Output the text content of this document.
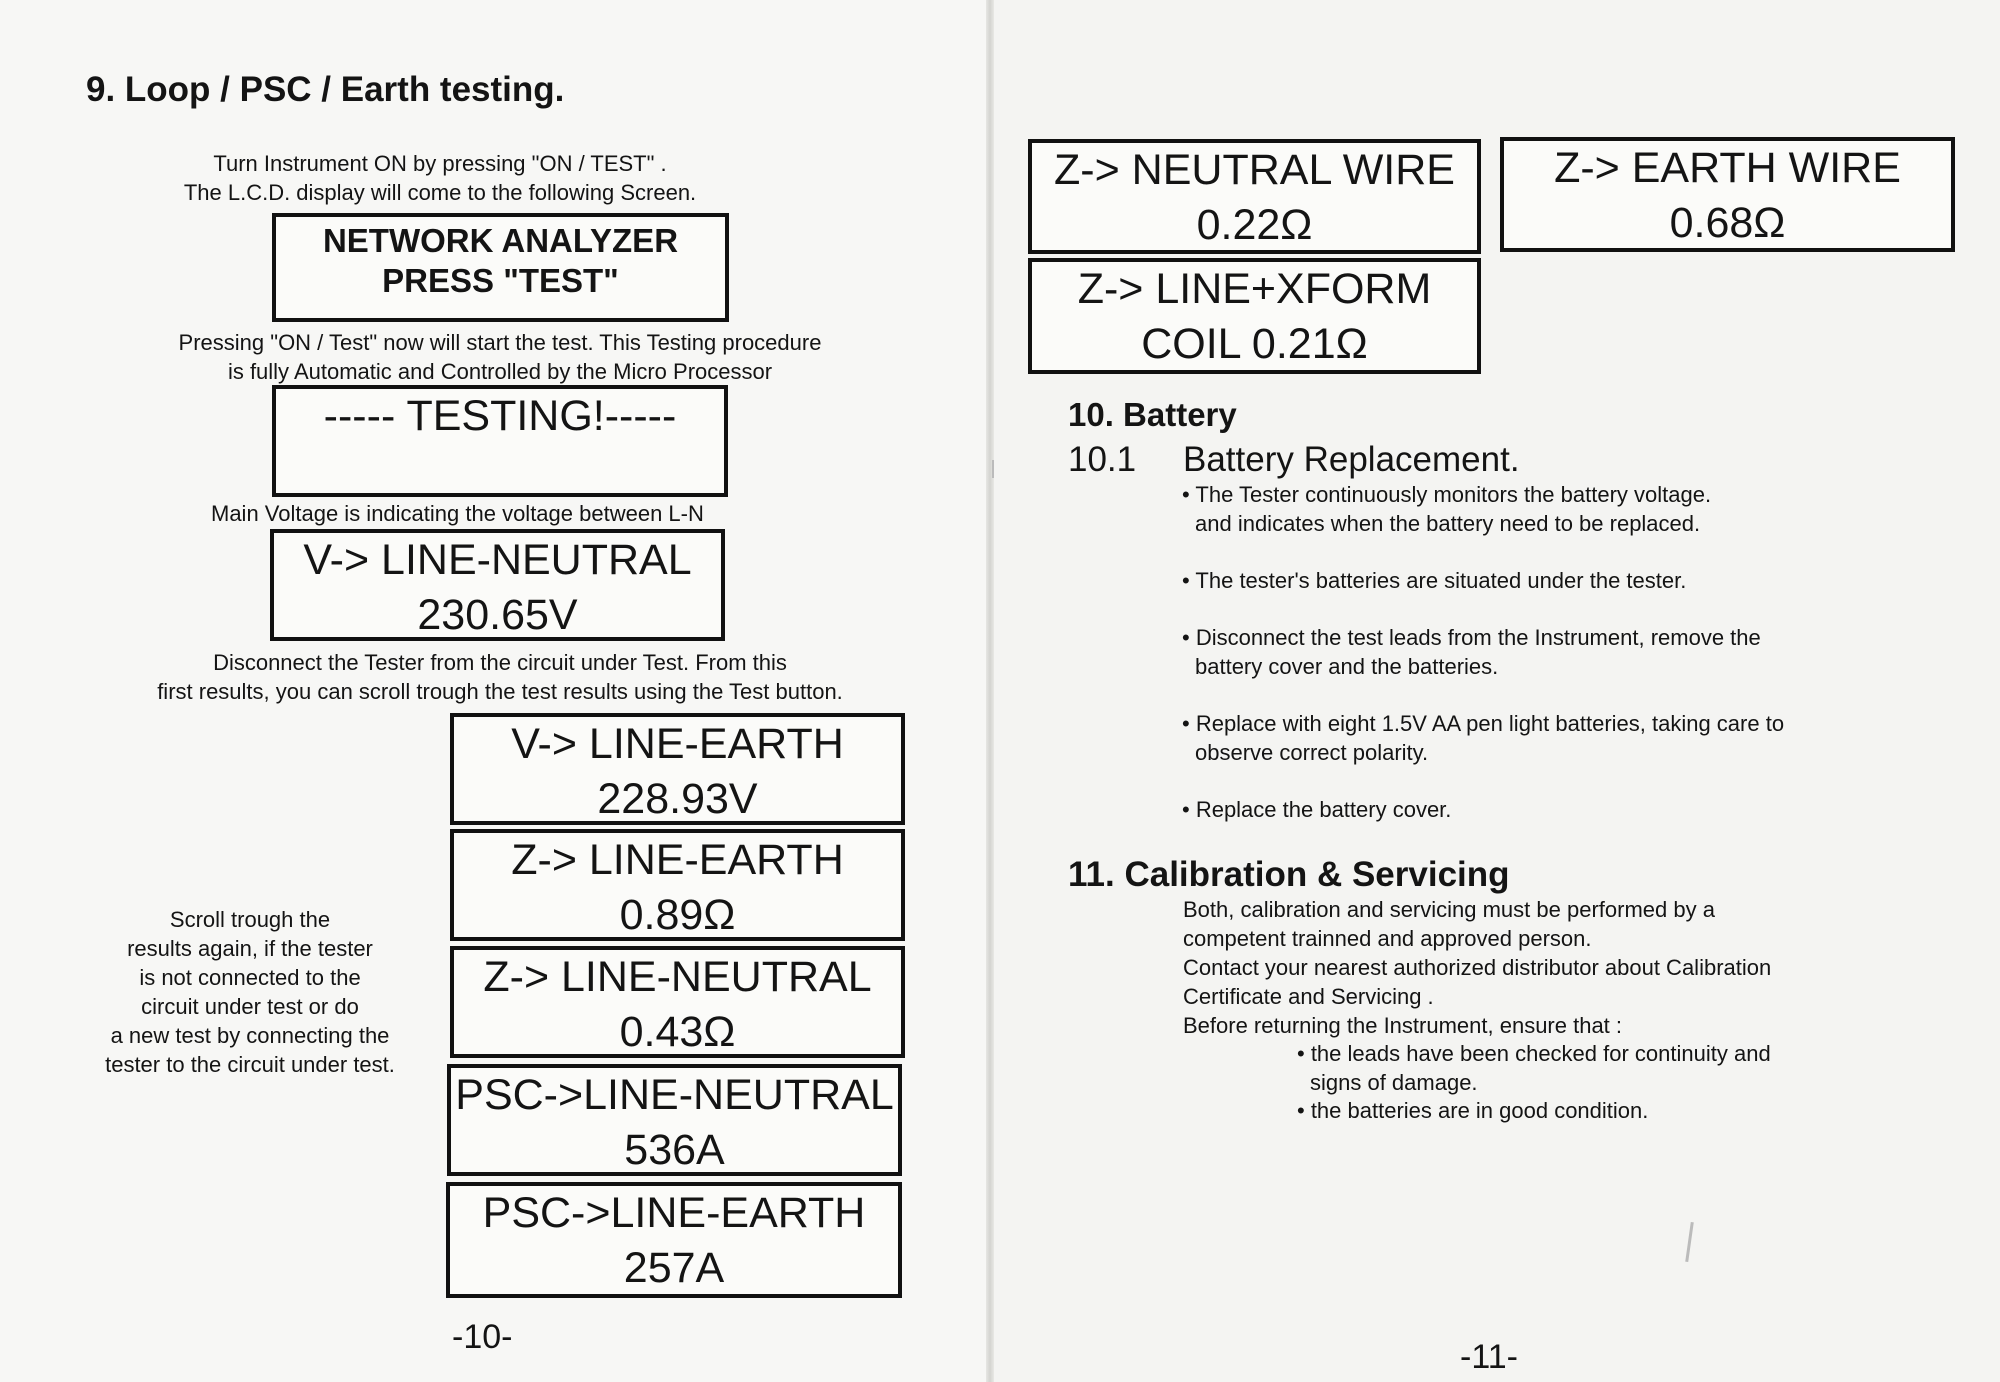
9. Loop / PSC / Earth testing.
Turn Instrument ON by pressing "ON / TEST" .
The L.C.D. display will come to the following Screen.
NETWORK ANALYZER
PRESS "TEST"
Pressing "ON / Test" now will start the test. This Testing procedure
is fully Automatic and Controlled by the Micro Processor
----- TESTING!-----
Main Voltage is indicating the voltage between L-N
V-> LINE-NEUTRAL
230.65V
Disconnect the Tester from the circuit under Test. From this
first results, you can scroll trough the test results using the Test button.
V-> LINE-EARTH
228.93V
Z-> LINE-EARTH
0.89Ω
Z-> LINE-NEUTRAL
0.43Ω
PSC->LINE-NEUTRAL
536A
PSC->LINE-EARTH
257A
Scroll trough the
results again, if the tester
is not connected to the
circuit under test or do
a new test by connecting the
tester to the circuit under test.
-10-
Z-> NEUTRAL WIRE
0.22Ω
Z-> EARTH WIRE
0.68Ω
Z-> LINE+XFORM
COIL 0.21Ω
10. Battery
10.1 Battery Replacement.
• The Tester continuously monitors the battery voltage.
and indicates when the battery need to be replaced.
• The tester's batteries are situated under the tester.
• Disconnect the test leads from the Instrument, remove the
battery cover and the batteries.
• Replace with eight 1.5V AA pen light batteries, taking care to
observe correct polarity.
• Replace the battery cover.
11. Calibration & Servicing
Both, calibration and servicing must be performed by a
competent trainned and approved person.
Contact your nearest authorized distributor about Calibration
Certificate and Servicing .
Before returning the Instrument, ensure that :
• the leads have been checked for continuity and
signs of damage.
• the batteries are in good condition.
-11-
